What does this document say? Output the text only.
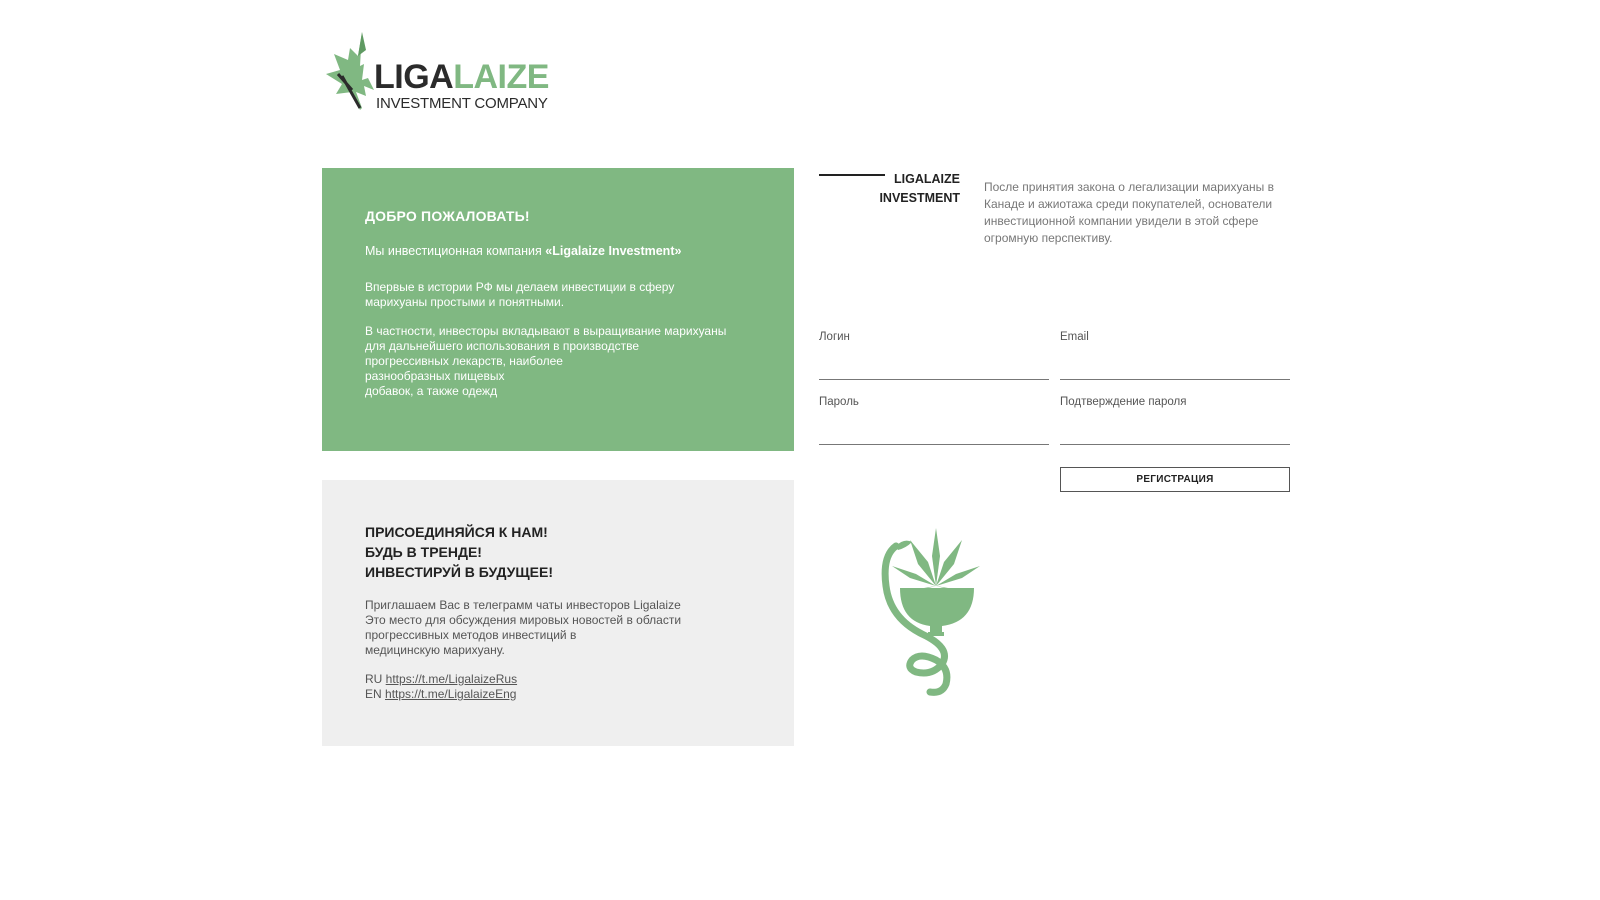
LIGALAIZE
INVESTMENT COMPANY
ДОБРО ПОЖАЛОВАТЬ!

Мы инвестиционная компания «Ligalaize Investment»

Впервые в истории РФ мы делаем инвестиции в сферу
марихуаны простыми и понятными.

В частности, инвесторы вкладывают в выращивание марихуаны
для дальнейшего использования в производстве
прогрессивных лекарств, наиболее
разнообразных пищевых
добавок, а также одежд

ПРИСОЕДИНЯЙСЯ К НАМ!
БУДЬ В ТРЕНДЕ!
ИНВЕСТИРУЙ В БУДУЩЕЕ!

Приглашаем Вас в телеграмм чаты инвесторов Ligalaize
Это место для обсуждения мировых новостей в области
прогрессивных методов инвестиций в
медицинскую марихуану.

RU https://t.me/LigalaizeRus
EN https://t.me/LigalaizeEng
LIGALAIZE
INVESTMENT
После принятия закона о легализации марихуаны в
Канаде и ажиотажа среди покупателей, основатели
инвестиционной компании увидели в этой сфере
огромную перспективу.
Логин	Email
Пароль	Подтверждение пароля
РЕГИСТРАЦИЯ
